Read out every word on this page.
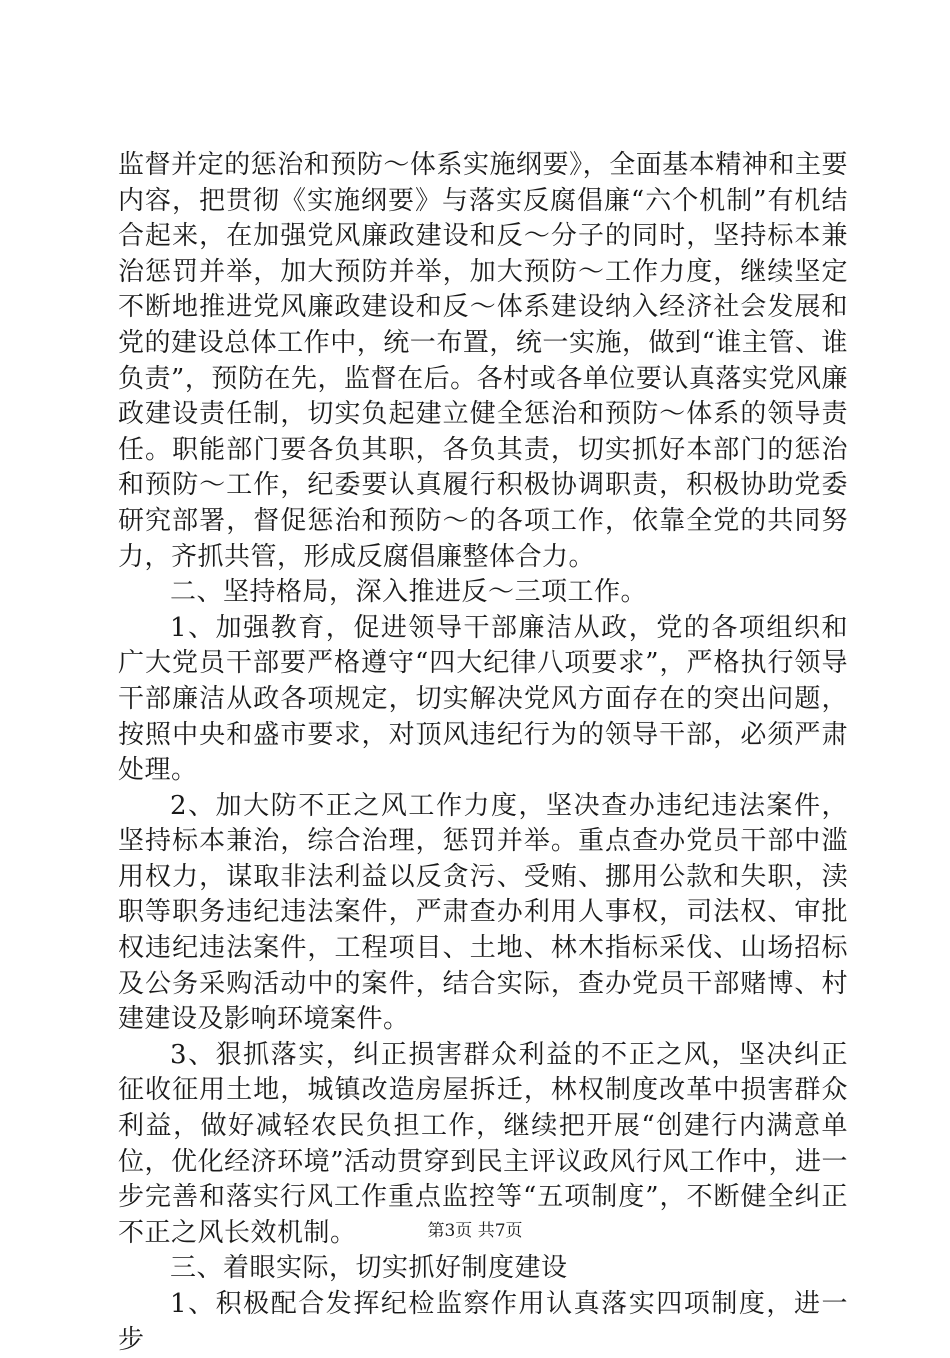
监督并定的惩治和预防～体系实施纲要》，全面基本精神和主要内容，把贯彻《实施纲要》与落实反腐倡廉“六个机制”有机结合起来，在加强党风廉政建设和反～分子的同时，坚持标本兼治惩罚并举，加大预防并举，加大预防～工作力度，继续坚定不断地推进党风廉政建设和反～体系建设纳入经济社会发展和党的建设总体工作中，统一布置，统一实施，做到“谁主管、谁负责”，预防在先，监督在后。各村或各单位要认真落实党风廉政建设责任制，切实负起建立健全惩治和预防～体系的领导责任。职能部门要各负其职，各负其责，切实抓好本部门的惩治和预防～工作，纪委要认真履行积极协调职责，积极协助党委研究部署，督促惩治和预防～的各项工作，依靠全党的共同努力，齐抓共管，形成反腐倡廉整体合力。

二、坚持格局，深入推进反～三项工作。

1、加强教育，促进领导干部廉洁从政，党的各项组织和广大党员干部要严格遵守“四大纪律八项要求”，严格执行领导干部廉洁从政各项规定，切实解决党风方面存在的突出问题，按照中央和盛市要求，对顶风违纪行为的领导干部，必须严肃处理。

2、加大防不正之风工作力度，坚决查办违纪违法案件，坚持标本兼治，综合治理，惩罚并举。重点查办党员干部中滥用权力，谋取非法利益以反贪污、受贿、挪用公款和失职，渎职等职务违纪违法案件，严肃查办利用人事权，司法权、审批权违纪违法案件，工程项目、土地、林木指标采伐、山场招标及公务采购活动中的案件，结合实际，查办党员干部赌博、村建建设及影响环境案件。

3、狠抓落实，纠正损害群众利益的不正之风，坚决纠正征收征用土地，城镇改造房屋拆迁，林权制度改革中损害群众利益，做好减轻农民负担工作，继续把开展“创建行内满意单位，优化经济环境”活动贯穿到民主评议政风行风工作中，进一步完善和落实行风工作重点监控等“五项制度”，不断健全纠正不正之风长效机制。

三、着眼实际，切实抓好制度建设

1、积极配合发挥纪检监察作用认真落实四项制度，进一步

第3页 共7页
